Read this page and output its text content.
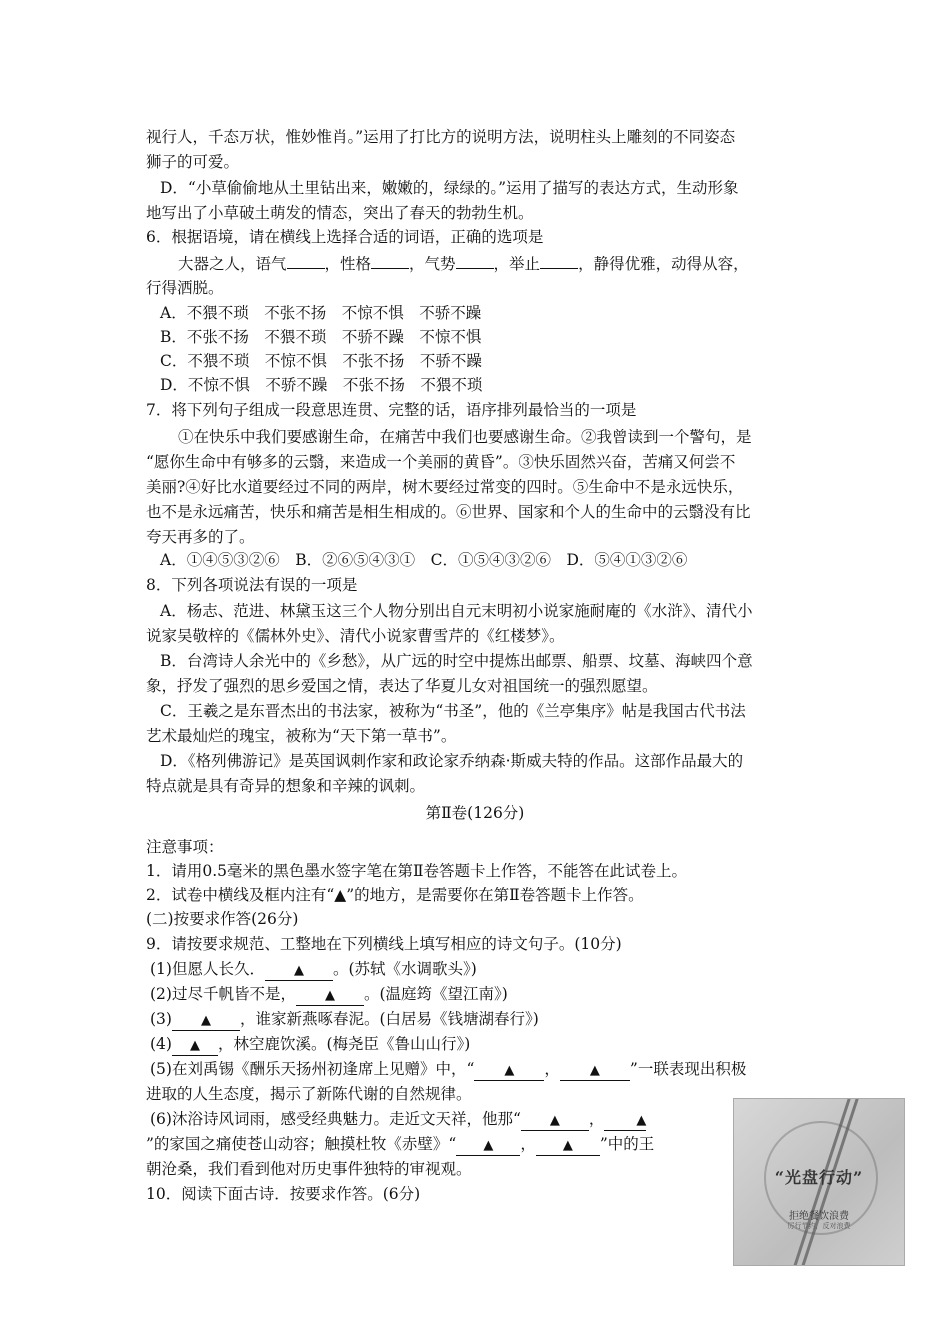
视行人，千态万状，惟妙惟肖。”运用了打比方的说明方法，说明柱头上雕刻的不同姿态
狮子的可爱。
D．“小草偷偷地从土里钻出来，嫩嫩的，绿绿的。”运用了描写的表达方式，生动形象
地写出了小草破土萌发的情态，突出了春天的勃勃生机。
6．根据语境，请在横线上选择合适的词语，正确的选项是
大器之人，语气 ，性格 ，气势 ，举止 ，静得优雅，动得从容，
行得洒脱。
A．不猥不琐　不张不扬　不惊不惧　不骄不躁
B．不张不扬　不猥不琐　不骄不躁　不惊不惧
C．不猥不琐　不惊不惧　不张不扬　不骄不躁
D．不惊不惧　不骄不躁　不张不扬　不猥不琐
7．将下列句子组成一段意思连贯、完整的话，语序排列最恰当的一项是
①在快乐中我们要感谢生命，在痛苦中我们也要感谢生命。②我曾读到一个警句，是
“愿你生命中有够多的云翳，来造成一个美丽的黄昏”。③快乐固然兴奋，苦痛又何尝不
美丽?④好比水道要经过不同的两岸，树木要经过常变的四时。⑤生命中不是永远快乐，
也不是永远痛苦，快乐和痛苦是相生相成的。⑥世界、国家和个人的生命中的云翳没有比
夸天再多的了。
A．①④⑤③②⑥　B．②⑥⑤④③①　C．①⑤④③②⑥　D．⑤④①③②⑥
8．下列各项说法有误的一项是
A．杨志、范进、林黛玉这三个人物分别出自元末明初小说家施耐庵的《水浒》、清代小
说家吴敬梓的《儒林外史》、清代小说家曹雪芹的《红楼梦》。
B．台湾诗人余光中的《乡愁》，从广远的时空中提炼出邮票、船票、坟墓、海峡四个意
象，抒发了强烈的思乡爱国之情，表达了华夏儿女对祖国统一的强烈愿望。
C．王羲之是东晋杰出的书法家，被称为“书圣”，他的《兰亭集序》帖是我国古代书法
艺术最灿烂的瑰宝，被称为“天下第一草书”。
D．《格列佛游记》是英国讽刺作家和政论家乔纳森·斯威夫特的作品。这部作品最大的
特点就是具有奇异的想象和辛辣的讽刺。
第Ⅱ卷(126分)
注意事项：
1．请用0.5毫米的黑色墨水签字笔在第Ⅱ卷答题卡上作答，不能答在此试卷上。
2．试卷中横线及框内注有“▲”的地方，是需要你在第Ⅱ卷答题卡上作答。
(二)按要求作答(26分)
9．请按要求规范、工整地在下列横线上填写相应的诗文句子。(10分)
(1)但愿人长久． ▲ 。(苏轼《水调歌头》)
(2)过尽千帆皆不是， ▲ 。(温庭筠《望江南》)
(3) ▲ ，谁家新燕啄春泥。(白居易《钱塘湖春行》)
(4) ▲ ，林空鹿饮溪。(梅尧臣《鲁山山行》)
(5)在刘禹锡《酬乐天扬州初逢席上见赠》中，“ ▲ ， ▲ ”一联表现出积极
进取的人生态度，揭示了新陈代谢的自然规律。
(6)沐浴诗风词雨，感受经典魅力。走近文天祥，他那“ ▲ ， ▲
”的家国之痛使苍山动容；触摸杜牧《赤壁》“ ▲ ， ▲ ”中的王
朝沧桑，我们看到他对历史事件独特的审视观。
10．阅读下面古诗．按要求作答。(6分)
“光盘行动”
拒绝餐饮浪费
厉行节约，反对浪费
